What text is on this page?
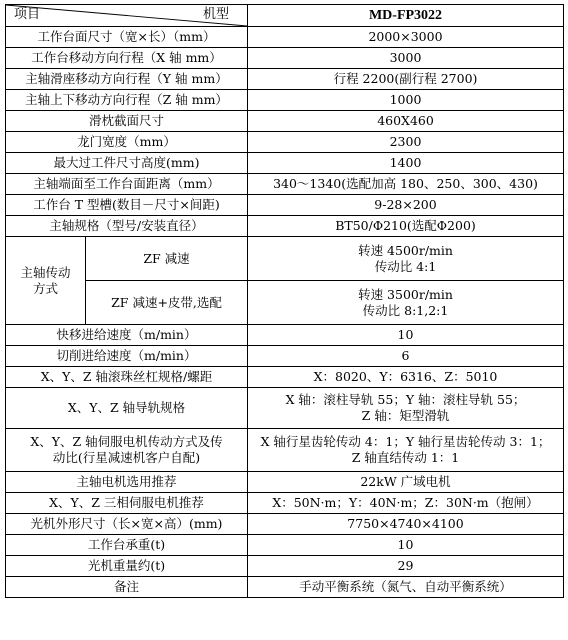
项目 机型		MD-FP3022
工作台面尺寸（宽×长）（mm）		2000×3000
工作台移动方向行程（X 轴 mm）		3000
主轴滑座移动方向行程（Y 轴 mm）		行程 2200(副行程 2700)
主轴上下移动方向行程（Z 轴 mm）		1000
滑枕截面尺寸		460X460
龙门宽度（mm）		2300
最大过工件尺寸高度(mm)		1400
主轴端面至工作台面距离（mm）		340～1340(选配加高 180、250、300、430)
工作台 T 型槽(数目－尺寸×间距)		9-28×200
主轴规格（型号/安装直径）		BT50/Φ210(选配Φ200)

主轴传动
方式	ZF 减速	转速 4500r/min
传动比 4:1

	ZF 减速+皮带,选配	转速 3500r/min
传动比 8:1,2:1

快移进给速度（m/min）		10
切削进给速度（m/min）		6
X、Y、Z 轴滚珠丝杠规格/螺距		X：8020、Y：6316、Z：5010
X、Y、Z 轴导轨规格		X 轴：滚柱导轨 55；Y 轴：滚柱导轨 55；
Z 轴：矩型滑轨

X、Y、Z 轴伺服电机传动方式及传
动比(行星减速机客户自配)		X 轴行星齿轮传动 4：1；Y 轴行星齿轮传动 3：1；
Z 轴直结传动 1：1

主轴电机选用推荐		22kW 广域电机
X、Y、Z 三相伺服电机推荐		X：50N·m；Y：40N·m；Z：30N·m（抱闸）
光机外形尺寸（长×宽×高）(mm)		7750×4740×4100
工作台承重(t)		10
光机重量约(t)		29
备注		手动平衡系统（氮气、自动平衡系统）
